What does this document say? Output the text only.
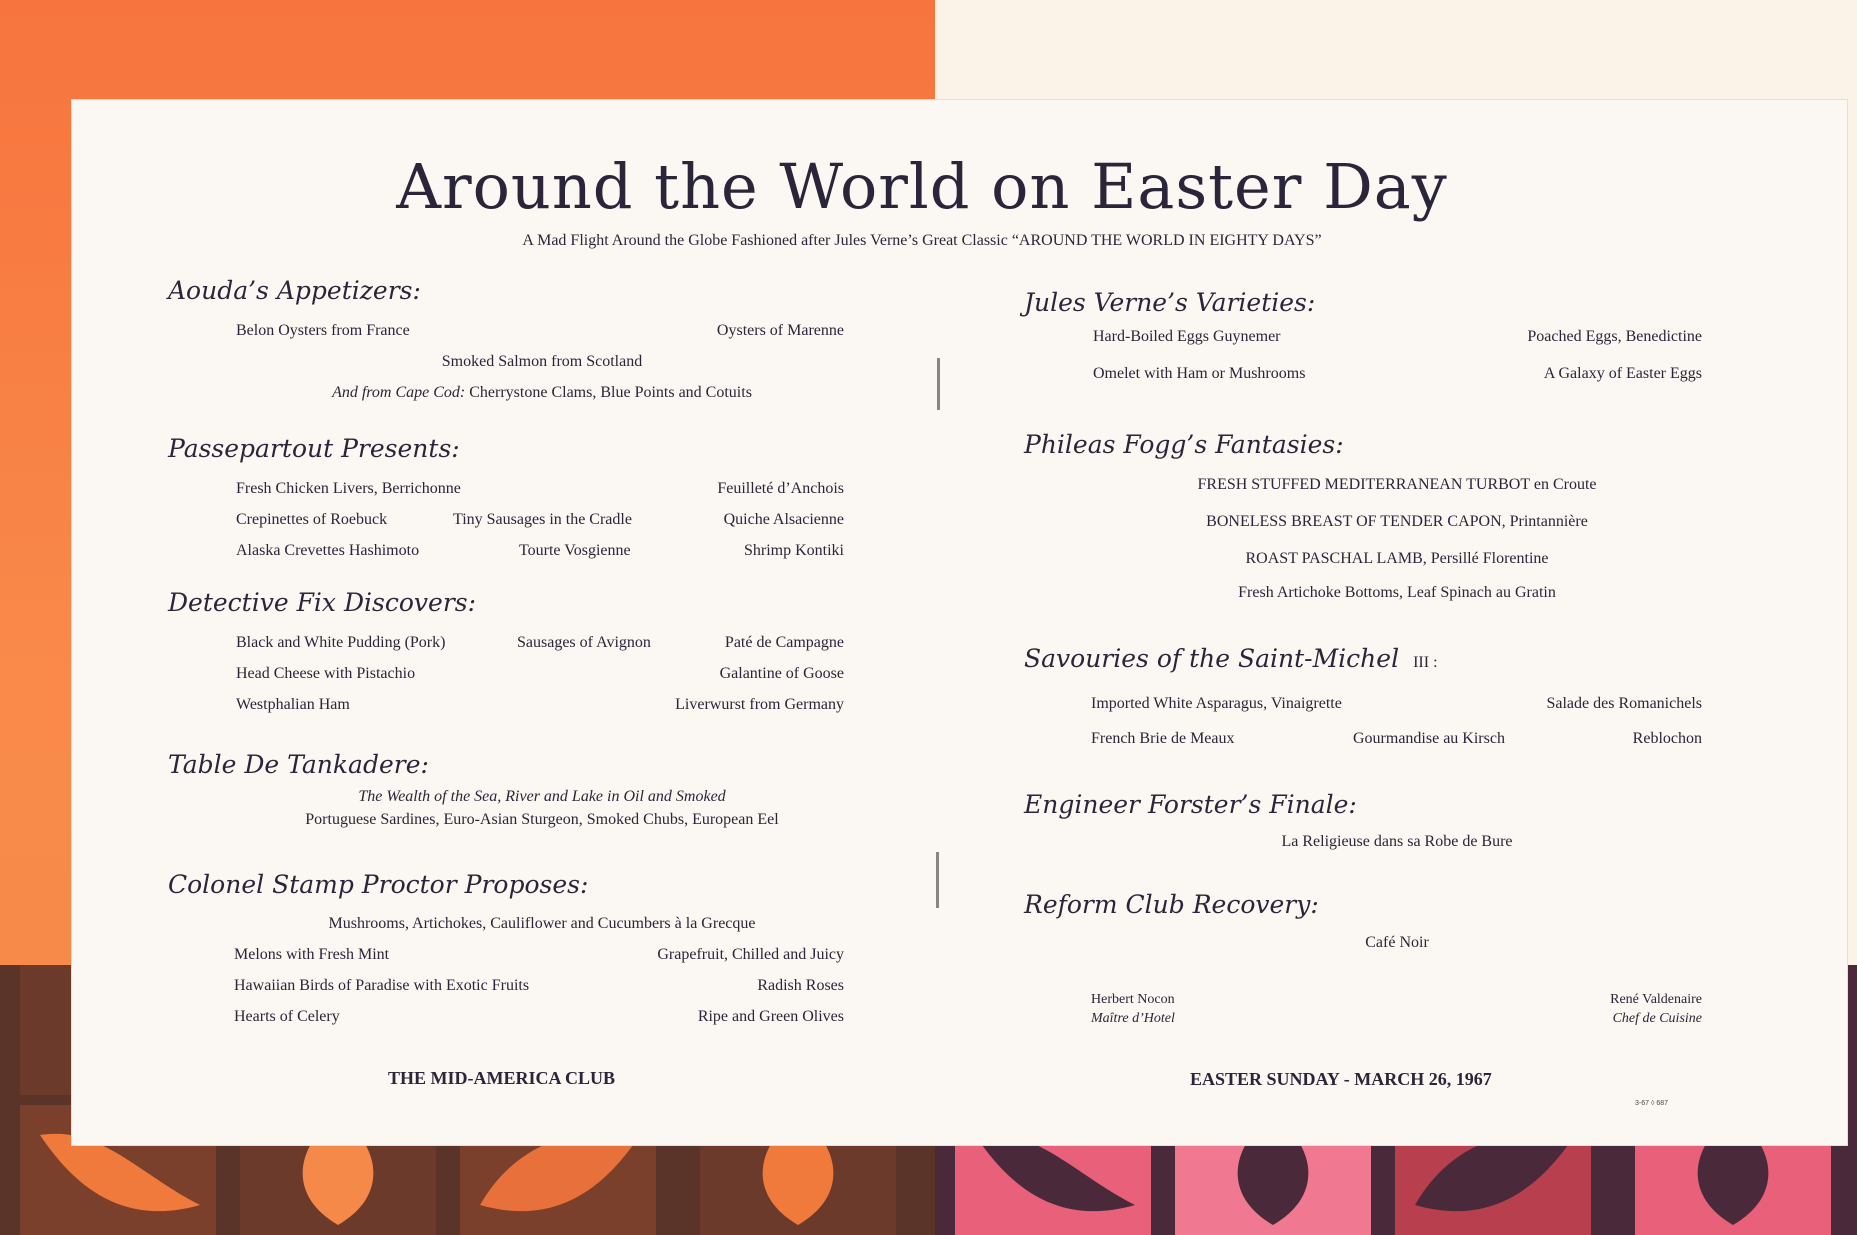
Around the World on Easter Day
A Mad Flight Around the Globe Fashioned after Jules Verne’s Great Classic “AROUND THE WORLD IN EIGHTY DAYS”
Aouda’s Appetizers:
Belon Oysters from France	Oysters of Marenne
Smoked Salmon from Scotland
And from Cape Cod: Cherrystone Clams, Blue Points and Cotuits
Passepartout Presents:
Fresh Chicken Livers, Berrichonne	Feuilleté d’Anchois
Crepinettes of Roebuck	Tiny Sausages in the Cradle	Quiche Alsacienne
Alaska Crevettes Hashimoto	Tourte Vosgienne	Shrimp Kontiki
Detective Fix Discovers:
Black and White Pudding (Pork)	Sausages of Avignon	Paté de Campagne
Head Cheese with Pistachio	Galantine of Goose
Westphalian Ham	Liverwurst from Germany
Table De Tankadere:
The Wealth of the Sea, River and Lake in Oil and Smoked
Portuguese Sardines, Euro-Asian Sturgeon, Smoked Chubs, European Eel
Colonel Stamp Proctor Proposes:
Mushrooms, Artichokes, Cauliflower and Cucumbers à la Grecque
Melons with Fresh Mint	Grapefruit, Chilled and Juicy
Hawaiian Birds of Paradise with Exotic Fruits	Radish Roses
Hearts of Celery	Ripe and Green Olives
THE MID-AMERICA CLUB
Jules Verne’s Varieties:
Hard-Boiled Eggs Guynemer	Poached Eggs, Benedictine
Omelet with Ham or Mushrooms	A Galaxy of Easter Eggs
Phileas Fogg’s Fantasies:
FRESH STUFFED MEDITERRANEAN TURBOT en Croute
BONELESS BREAST OF TENDER CAPON, Printannière
ROAST PASCHAL LAMB, Persillé Florentine
Fresh Artichoke Bottoms, Leaf Spinach au Gratin
Savouries of the Saint-Michel III :
Imported White Asparagus, Vinaigrette	Salade des Romanichels
French Brie de Meaux	Gourmandise au Kirsch	Reblochon
Engineer Forster’s Finale:
La Religieuse dans sa Robe de Bure
Reform Club Recovery:
Café Noir
Herbert Nocon
Maître d’Hotel
René Valdenaire
Chef de Cuisine
EASTER SUNDAY - MARCH 26, 1967
3-67 ◊ 687
